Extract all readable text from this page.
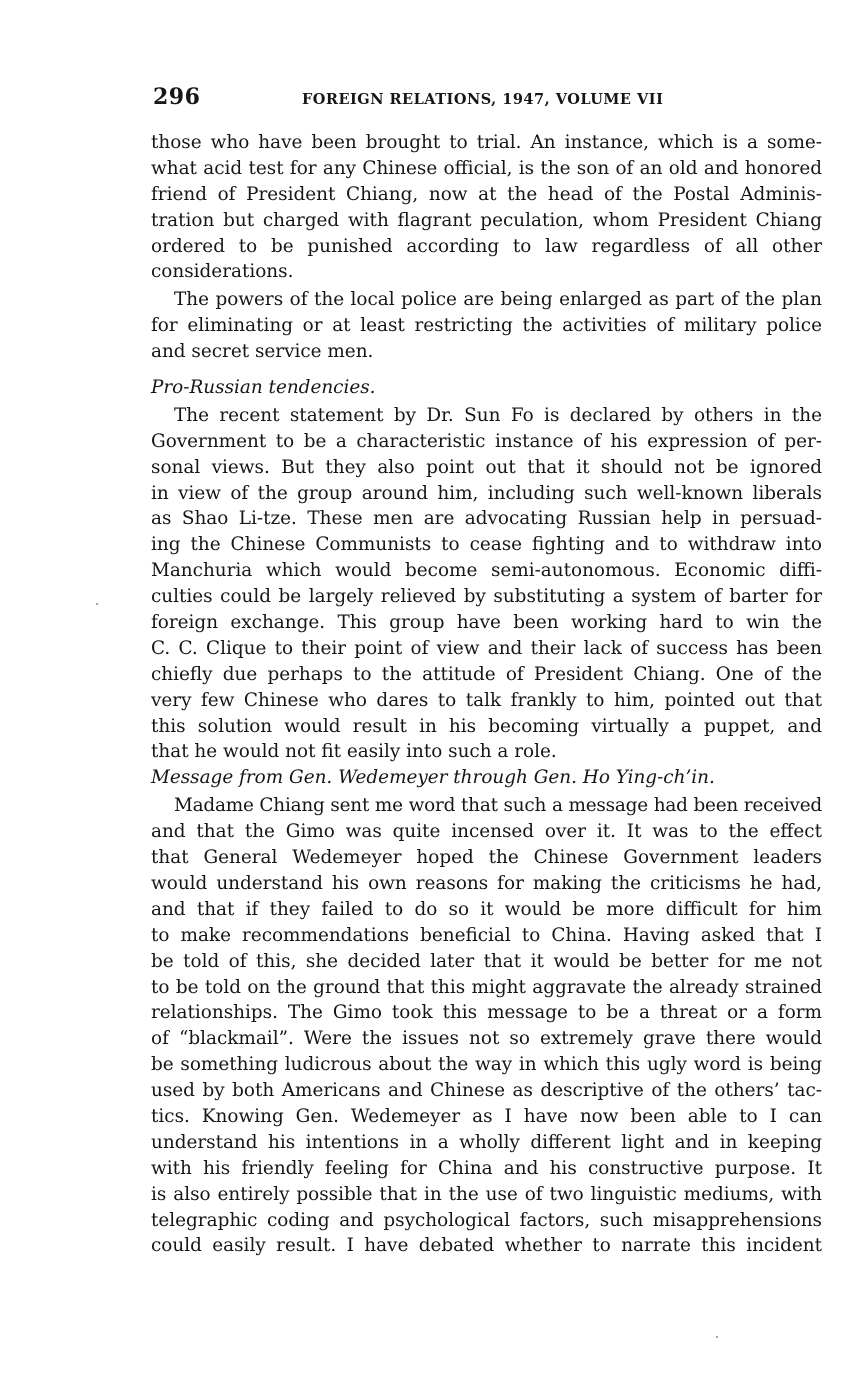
296	FOREIGN RELATIONS, 1947, VOLUME VII
those who have been brought to trial. An instance, which is a some-
what acid test for any Chinese official, is the son of an old and honored
friend of President Chiang, now at the head of the Postal Adminis-
tration but charged with flagrant peculation, whom President Chiang
ordered to be punished according to law regardless of all other
considerations.
The powers of the local police are being enlarged as part of the plan
for eliminating or at least restricting the activities of military police
and secret service men.
Pro-Russian tendencies.
The recent statement by Dr. Sun Fo is declared by others in the
Government to be a characteristic instance of his expression of per-
sonal views. But they also point out that it should not be ignored
in view of the group around him, including such well-known liberals
as Shao Li-tze. These men are advocating Russian help in persuad-
ing the Chinese Communists to cease fighting and to withdraw into
Manchuria which would become semi-autonomous. Economic diffi-
culties could be largely relieved by substituting a system of barter for
foreign exchange. This group have been working hard to win the
C. C. Clique to their point of view and their lack of success has been
chiefly due perhaps to the attitude of President Chiang. One of the
very few Chinese who dares to talk frankly to him, pointed out that
this solution would result in his becoming virtually a puppet, and
that he would not fit easily into such a role.
Message from Gen. Wedemeyer through Gen. Ho Ying-ch’in.
Madame Chiang sent me word that such a message had been received
and that the Gimo was quite incensed over it. It was to the effect
that General Wedemeyer hoped the Chinese Government leaders
would understand his own reasons for making the criticisms he had,
and that if they failed to do so it would be more difficult for him
to make recommendations beneficial to China. Having asked that I
be told of this, she decided later that it would be better for me not
to be told on the ground that this might aggravate the already strained
relationships. The Gimo took this message to be a threat or a form
of “blackmail”. Were the issues not so extremely grave there would
be something ludicrous about the way in which this ugly word is being
used by both Americans and Chinese as descriptive of the others’ tac-
tics. Knowing Gen. Wedemeyer as I have now been able to I can
understand his intentions in a wholly different light and in keeping
with his friendly feeling for China and his constructive purpose. It
is also entirely possible that in the use of two linguistic mediums, with
telegraphic coding and psychological factors, such misapprehensions
could easily result. I have debated whether to narrate this incident
